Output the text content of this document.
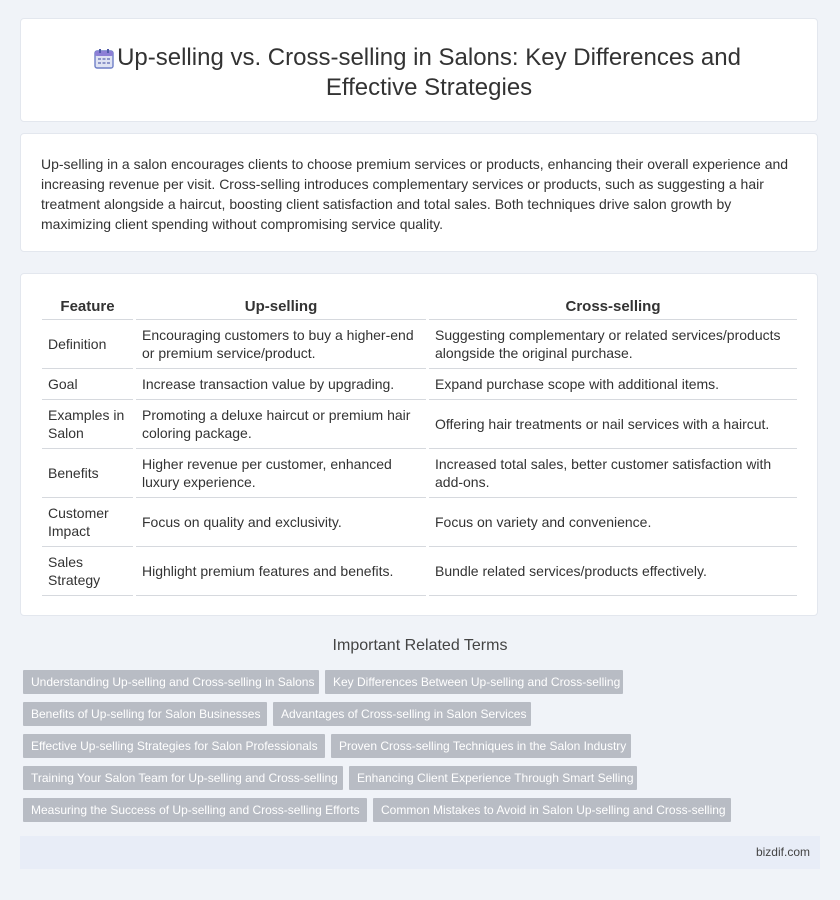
Up-selling vs. Cross-selling in Salons: Key Differences and Effective Strategies
Up-selling in a salon encourages clients to choose premium services or products, enhancing their overall experience and increasing revenue per visit. Cross-selling introduces complementary services or products, such as suggesting a hair treatment alongside a haircut, boosting client satisfaction and total sales. Both techniques drive salon growth by maximizing client spending without compromising service quality.
Feature	Up-selling	Cross-selling
Definition	Encouraging customers to buy a higher-end or premium service/product.	Suggesting complementary or related services/products alongside the original purchase.
Goal	Increase transaction value by upgrading.	Expand purchase scope with additional items.
Examples in Salon	Promoting a deluxe haircut or premium hair coloring package.	Offering hair treatments or nail services with a haircut.
Benefits	Higher revenue per customer, enhanced luxury experience.	Increased total sales, better customer satisfaction with add-ons.
Customer Impact	Focus on quality and exclusivity.	Focus on variety and convenience.
Sales Strategy	Highlight premium features and benefits.	Bundle related services/products effectively.
Important Related Terms
Understanding Up-selling and Cross-selling in Salons	Key Differences Between Up-selling and Cross-selling
Benefits of Up-selling for Salon Businesses	Advantages of Cross-selling in Salon Services
Effective Up-selling Strategies for Salon Professionals	Proven Cross-selling Techniques in the Salon Industry
Training Your Salon Team for Up-selling and Cross-selling	Enhancing Client Experience Through Smart Selling
Measuring the Success of Up-selling and Cross-selling Efforts	Common Mistakes to Avoid in Salon Up-selling and Cross-selling
bizdif.com
